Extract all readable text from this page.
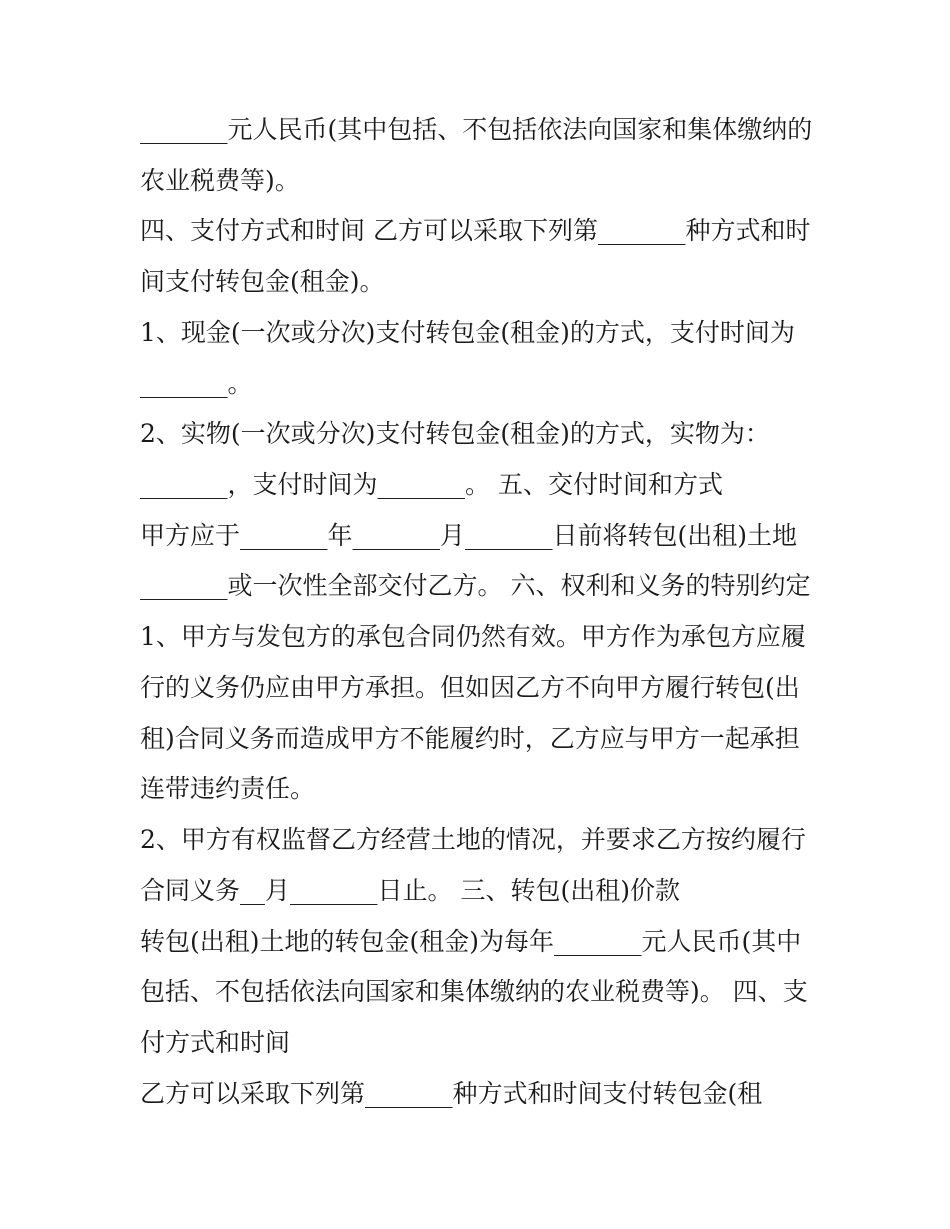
_______元人民币(其中包括、不包括依法向国家和集体缴纳的
农业税费等)。
四、支付方式和时间 乙方可以采取下列第_______种方式和时
间支付转包金(租金)。
1、现金(一次或分次)支付转包金(租金)的方式，支付时间为
_______。
2、实物(一次或分次)支付转包金(租金)的方式，实物为：
_______，支付时间为_______。 五、交付时间和方式
甲方应于_______年_______月_______日前将转包(出租)土地
_______或一次性全部交付乙方。 六、权利和义务的特别约定
1、甲方与发包方的承包合同仍然有效。甲方作为承包方应履
行的义务仍应由甲方承担。但如因乙方不向甲方履行转包(出
租)合同义务而造成甲方不能履约时，乙方应与甲方一起承担
连带违约责任。
2、甲方有权监督乙方经营土地的情况，并要求乙方按约履行
合同义务__月_______日止。 三、转包(出租)价款
转包(出租)土地的转包金(租金)为每年_______元人民币(其中
包括、不包括依法向国家和集体缴纳的农业税费等)。 四、支
付方式和时间
乙方可以采取下列第_______种方式和时间支付转包金(租
